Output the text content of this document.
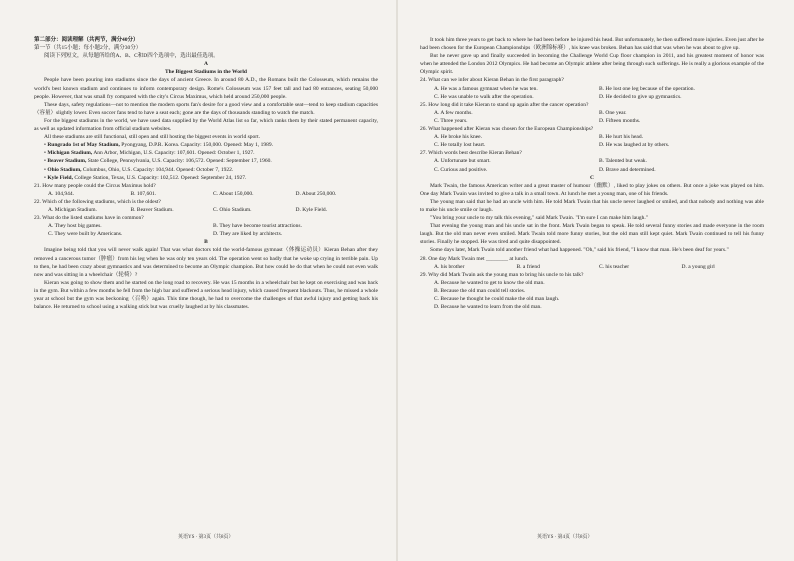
第二部分：阅读理解（共两节，满分40分）

第一节（共15小题；每小题2分，满分30分）

阅读下列短文，从每题所给的A、B、C和D四个选项中，选出最佳选项。

A

The Biggest Stadiums in the World

People have been pouring into stadiums since the days of ancient Greece. In around 80 A.D., the Romans built the Colosseum, which remains the world's best known stadium and continues to inform contemporary design. Rome's Colosseum was 157 feet tall and had 80 entrances, seating 50,000 people. However, that was small fry compared with the city's Circus Maximus, which held around 250,000 people.

These days, safety regulations—not to mention the modern sports fan's desire for a good view and a comfortable seat—tend to keep stadium capacities（容量）slightly lower. Even soccer fans tend to have a seat each; gone are the days of thousands standing to watch the match.

For the biggest stadiums in the world, we have used data supplied by the World Atlas list so far, which ranks them by their stated permanent capacity, as well as updated information from official stadium websites.

All these stadiums are still functional, still open and still hosting the biggest events in world sport.

• Rungrado 1st of May Stadium, Pyongyang, D.P.R. Korea. Capacity: 150,000. Opened: May 1, 1989.

• Michigan Stadium, Ann Arbor, Michigan, U.S. Capacity: 107,601. Opened: October 1, 1927.

• Beaver Stadium, State College, Pennsylvania, U.S. Capacity: 106,572. Opened: September 17, 1960.

• Ohio Stadium, Columbus, Ohio, U.S. Capacity: 104,944. Opened: October 7, 1922.

• Kyle Field, College Station, Texas, U.S. Capacity: 102,512. Opened: September 24, 1927.

21. How many people could the Circus Maximus hold?

A. 104,944.	B. 107,601.	C. About 150,000.	D. About 250,000.

22. Which of the following stadiums, which is the oldest?

A. Michigan Stadium.	B. Beaver Stadium.	C. Ohio Stadium.	D. Kyle Field.

23. What do the listed stadiums have in common?

A. They host big games.	B. They have become tourist attractions.
C. They were built by Americans.	D. They are liked by architects.

B

Imagine being told that you will never walk again! That was what doctors told the world-famous gymnast（体操运动员）Kieran Behan after they removed a cancerous tumor（肿瘤）from his leg when he was only ten years old. The operation went so badly that he woke up crying in terrible pain. Up to then, he had been crazy about gymnastics and was determined to become an Olympic champion. But how could he do that when he could not even walk now and was sitting in a wheelchair（轮椅）?

Kieran was going to show them and he started on the long road to recovery. He was 15 months in a wheelchair but he kept on exercising and was back in the gym. But within a few months he fell from the high bar and suffered a serious head injury, which caused frequent blackouts. Thus, he missed a whole year at school but the gym was beckoning（召唤）again. This time though, he had to overcome the challenges of that awful injury and getting back his balance. He returned to school using a walking stick but was cruelly laughed at by his classmates.

英语YS · 第3页（共8页）

It took him three years to get back to where he had been before he injured his head. But unfortunately, he then suffered more injuries. Even just after he had been chosen for the European Championships（欧洲锦标赛）, his knee was broken. Behan has said that was when he was about to give up.

But he never gave up and finally succeeded in becoming the Challenge World Cup floor champion in 2011, and his greatest moment of honor was when he attended the London 2012 Olympics. He had become an Olympic athlete after being through such sufferings. He is really a glorious example of the Olympic spirit.

24. What can we infer about Kieran Behan in the first paragraph?

A. He was a famous gymnast when he was ten.	B. He lost one leg because of the operation.
C. He was unable to walk after the operation.	D. He decided to give up gymnastics.

25. How long did it take Kieran to stand up again after the cancer operation?

A. A few months.	B. One year.
C. Three years.	D. Fifteen months.

26. What happened after Kieran was chosen for the European Championships?

A. He broke his knee.	B. He hurt his head.
C. He totally lost heart.	D. He was laughed at by others.

27. Which words best describe Kieran Behan?

A. Unfortunate but smart.	B. Talented but weak.
C. Curious and positive.	D. Brave and determined.

C

Mark Twain, the famous American writer and a great master of humour（幽默）, liked to play jokes on others. But once a joke was played on him. One day Mark Twain was invited to give a talk in a small town. At lunch he met a young man, one of his friends.

The young man said that he had an uncle with him. He told Mark Twain that his uncle never laughed or smiled, and that nobody and nothing was able to make his uncle smile or laugh.

"You bring your uncle to my talk this evening," said Mark Twain. "I'm sure I can make him laugh."

That evening the young man and his uncle sat in the front. Mark Twain began to speak. He told several funny stories and made everyone in the room laugh. But the old man never even smiled. Mark Twain told more funny stories, but the old man still kept quiet. Mark Twain continued to tell his funny stories. Finally he stopped. He was tired and quite disappointed.

Some days later, Mark Twain told another friend what had happened. "Oh," said his friend, "I know that man. He's been deaf for years."

28. One day Mark Twain met ________ at lunch.

A. his brother	B. a friend	C. his teacher	D. a young girl

29. Why did Mark Twain ask the young man to bring his uncle to his talk?

A. Because he wanted to get to know the old man.

B. Because the old man could tell stories.

C. Because he thought he could make the old man laugh.

D. Because he wanted to learn from the old man.

英语YS · 第4页（共8页）
